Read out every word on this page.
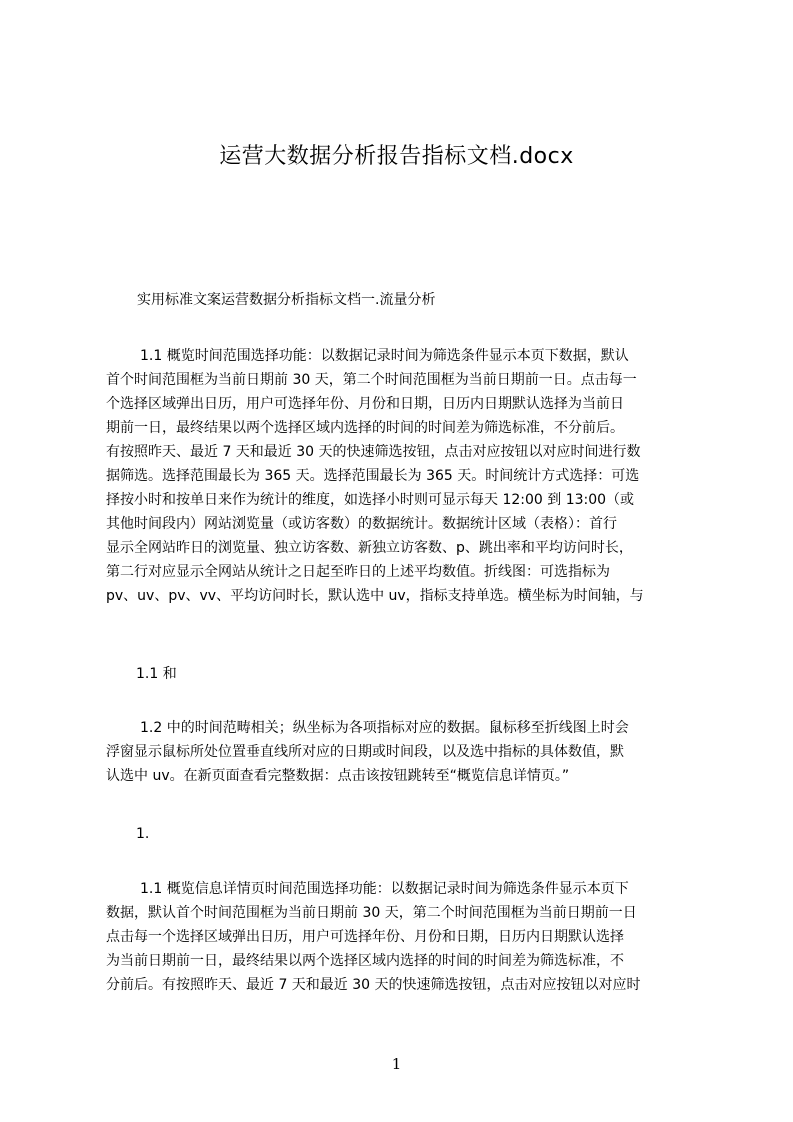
运营大数据分析报告指标文档.docx
实用标准文案运营数据分析指标文档一.流量分析
1.1 概览时间范围选择功能：以数据记录时间为筛选条件显示本页下数据，默认
首个时间范围框为当前日期前 30 天，第二个时间范围框为当前日期前一日。点击每一
个选择区域弹出日历，用户可选择年份、月份和日期，日历内日期默认选择为当前日
期前一日，最终结果以两个选择区域内选择的时间的时间差为筛选标准，不分前后。
有按照昨天、最近 7 天和最近 30 天的快速筛选按钮，点击对应按钮以对应时间进行数
据筛选。选择范围最长为 365 天。选择范围最长为 365 天。时间统计方式选择：可选
择按小时和按单日来作为统计的维度，如选择小时则可显示每天 12:00 到 13:00（或
其他时间段内）网站浏览量（或访客数）的数据统计。数据统计区域（表格）：首行
显示全网站昨日的浏览量、独立访客数、新独立访客数、p、跳出率和平均访问时长，
第二行对应显示全网站从统计之日起至昨日的上述平均数值。折线图：可选指标为
pv、uv、pv、vv、平均访问时长，默认选中 uv，指标支持单选。横坐标为时间轴，与
1.1 和
1.2 中的时间范畴相关；纵坐标为各项指标对应的数据。鼠标移至折线图上时会
浮窗显示鼠标所处位置垂直线所对应的日期或时间段，以及选中指标的具体数值，默
认选中 uv。在新页面查看完整数据：点击该按钮跳转至“概览信息详情页。”
1.
1.1 概览信息详情页时间范围选择功能：以数据记录时间为筛选条件显示本页下
数据，默认首个时间范围框为当前日期前 30 天，第二个时间范围框为当前日期前一日
点击每一个选择区域弹出日历，用户可选择年份、月份和日期，日历内日期默认选择
为当前日期前一日，最终结果以两个选择区域内选择的时间的时间差为筛选标准，不
分前后。有按照昨天、最近 7 天和最近 30 天的快速筛选按钮，点击对应按钮以对应时
1
